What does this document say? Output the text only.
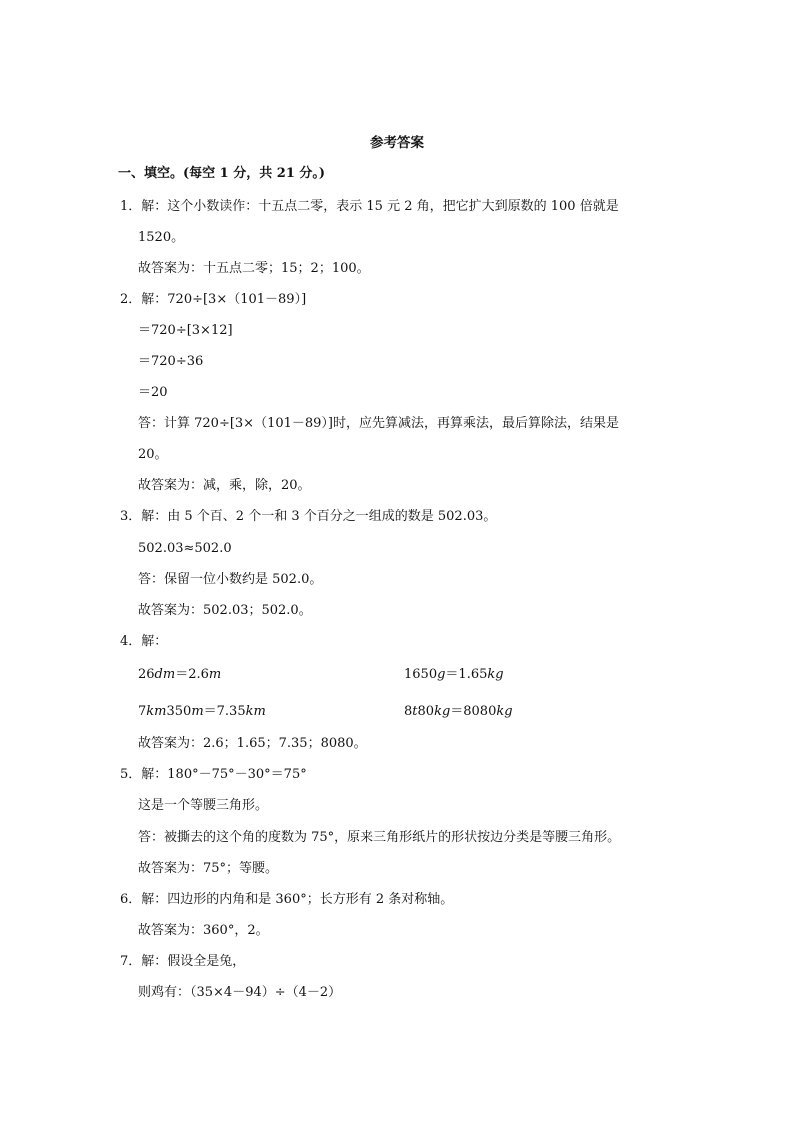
参考答案
一、填空。(每空 1 分，共 21 分。)
1．解：这个小数读作：十五点二零，表示 15 元 2 角，把它扩大到原数的 100 倍就是
1520。
故答案为：十五点二零；15；2；100。
2．解：720÷[3×（101－89）]
＝720÷[3×12]
＝720÷36
＝20
答：计算 720÷[3×（101－89）]时，应先算减法，再算乘法，最后算除法，结果是
20。
故答案为：减，乘，除，20。
3．解：由 5 个百、2 个一和 3 个百分之一组成的数是 502.03。
502.03≈502.0
答：保留一位小数约是 502.0。
故答案为：502.03；502.0。
4．解：
26dm＝2.6m	1650g＝1.65kg
7km350m＝7.35km	8t80kg＝8080kg
故答案为：2.6；1.65；7.35；8080。
5．解：180°－75°－30°＝75°
这是一个等腰三角形。
答：被撕去的这个角的度数为 75°，原来三角形纸片的形状按边分类是等腰三角形。
故答案为：75°；等腰。
6．解：四边形的内角和是 360°；长方形有 2 条对称轴。
故答案为：360°，2。
7．解：假设全是兔，
则鸡有：（35×4－94）÷（4－2）
